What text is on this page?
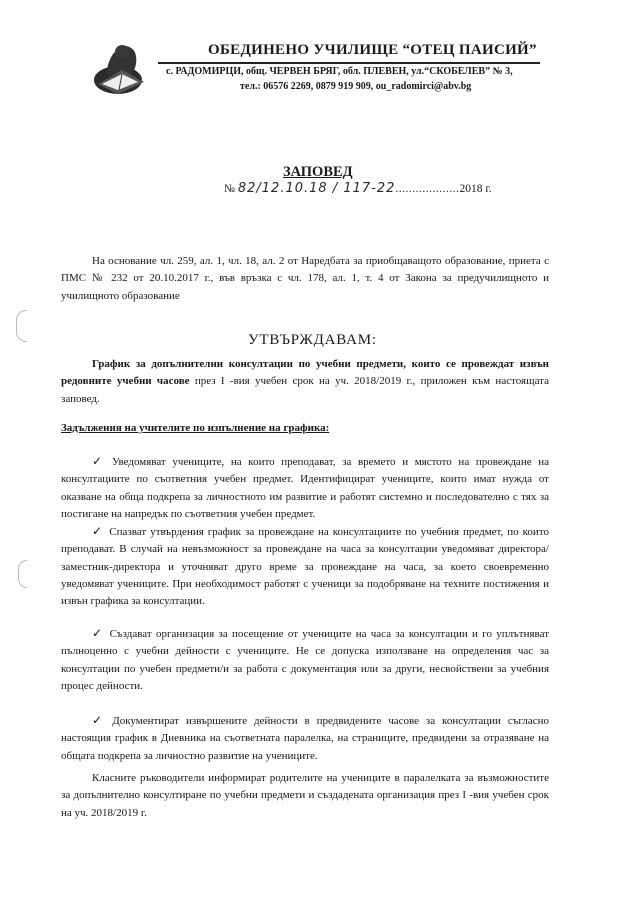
ОБЕДИНЕНО УЧИЛИЩЕ “ОТЕЦ ПАИСИЙ”
с. РАДОМИРЦИ, общ. ЧЕРВЕН БРЯГ, обл. ПЛЕВЕН, ул.“СКОБЕЛЕВ” № 3,
тел.: 06576 2269, 0879 919 909, ou_radomirci@abv.bg
ЗАПОВЕД
№ 82/12.10.18 / 117-22...................2018 г.

На основание чл. 259, ал. 1, чл. 18, ал. 2 от Наредбата за приобщаващото образование, приета с ПМС № 232 от 20.10.2017 г., във връзка с чл. 178, ал. 1, т. 4 от Закона за предучилищното и училищното образование

УТВЪРЖДАВАМ:

График за допълнителни консултации по учебни предмети, които се провеждат извън редовните учебни часове през I -вия учебен срок на уч. 2018/2019 г., приложен към настоящата заповед.

Задължения на учителите по изпълнение на графика:

✓ Уведомяват учениците, на които преподават, за времето и мястото на провеждане на консултациите по съответния учебен предмет. Идентифицират учениците, които имат нужда от оказване на обща подкрепа за личностното им развитие и работят системно и последователно с тях за постигане на напредък по съответния учебен предмет.

✓ Спазват утвърдения график за провеждане на консултациите по учебния предмет, по които преподават. В случай на невъзможност за провеждане на часа за консултации уведомяват директора/заместник-директора и уточняват друго време за провеждане на часа, за което своевременно уведомяват учениците. При необходимост работят с ученици за подобряване на техните постижения и извън графика за консултации.

✓ Създават организация за посещение от учениците на часа за консултации и го уплътняват пълноценно с учебни дейности с учениците. Не се допуска използване на определения час за консултации по учебен предмети/и за работа с документация или за други, несвойствени за учебния процес дейности.

✓ Документират извършените дейности в предвидените часове за консултации съгласно настоящия график в Дневника на съответната паралелка, на страниците, предвидени за отразяване на общата подкрепа за личностно развитие на учениците.

Класните ръководители информират родителите на учениците в паралелката за възможностите за допълнително консултиране по учебни предмети и създадената организация през I -вия учебен срок на уч. 2018/2019 г.
